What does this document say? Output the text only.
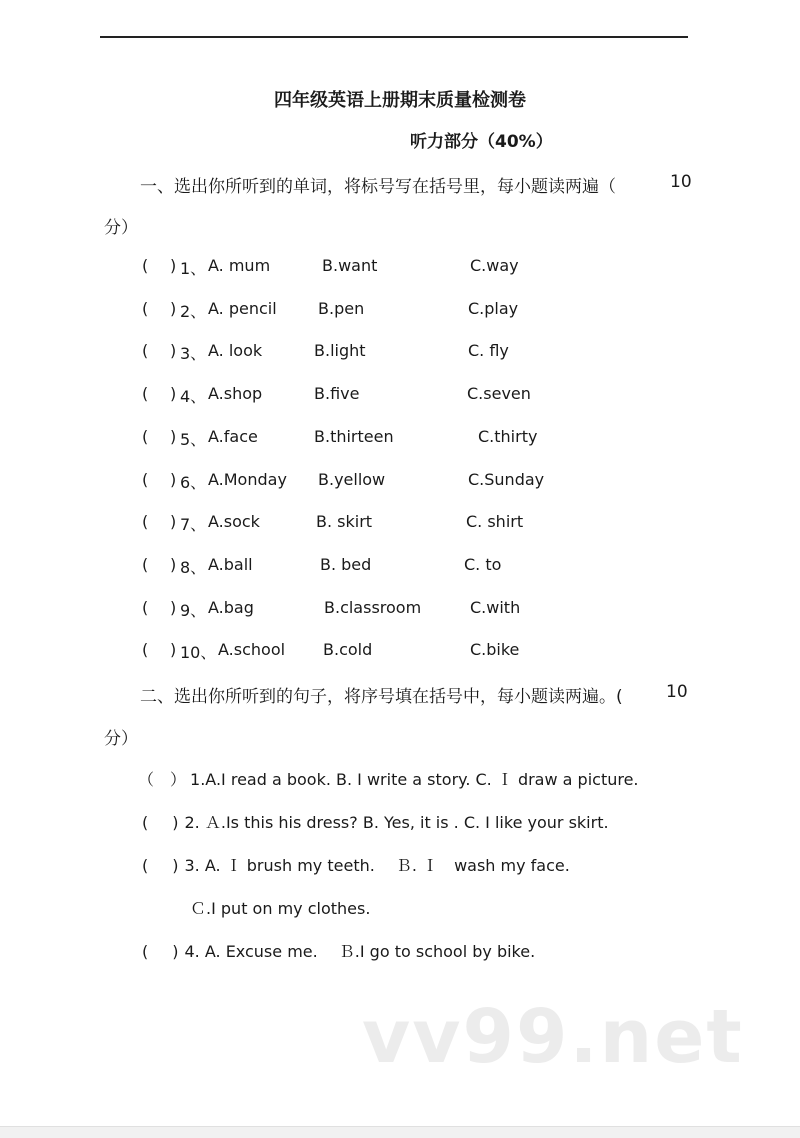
四年级英语上册期末质量检测卷
听力部分（40%）
一、选出你所听到的单词，将标号写在括号里，每小题读两遍（	10
分）
( ) 1、 A. mum	B.want	C.way
( ) 2、 A. pencil	B.pen	C.play
( ) 3、 A. look	B.light	C. fly
( ) 4、 A.shop	B.five	C.seven
( ) 5、 A.face	B.thirteen	C.thirty
( ) 6、 A.Monday B.yellow	C.Sunday
( ) 7、 A.sock	B. skirt	C. shirt
( ) 8、 A.ball	B. bed	C. to
( ) 9、 A.bag	B.classroom	C.with
( ) 10、 A.school B.cold	C.bike
二、选出你所听到的句子，将序号填在括号中，每小题读两遍。(	10
分）
（　） 1.A.I read a book. B. I write a story. C. Ｉ draw a picture.
( ) 2. Ａ.Is this his dress? B. Yes, it is . C. I like your skirt.
( ) 3. A. Ｉ brush my teeth.　 Ｂ. Ｉ　wash my face.
Ｃ.I put on my clothes.
( ) 4. A. Excuse me.　 Ｂ.I go to school by bike.
vv99.net
